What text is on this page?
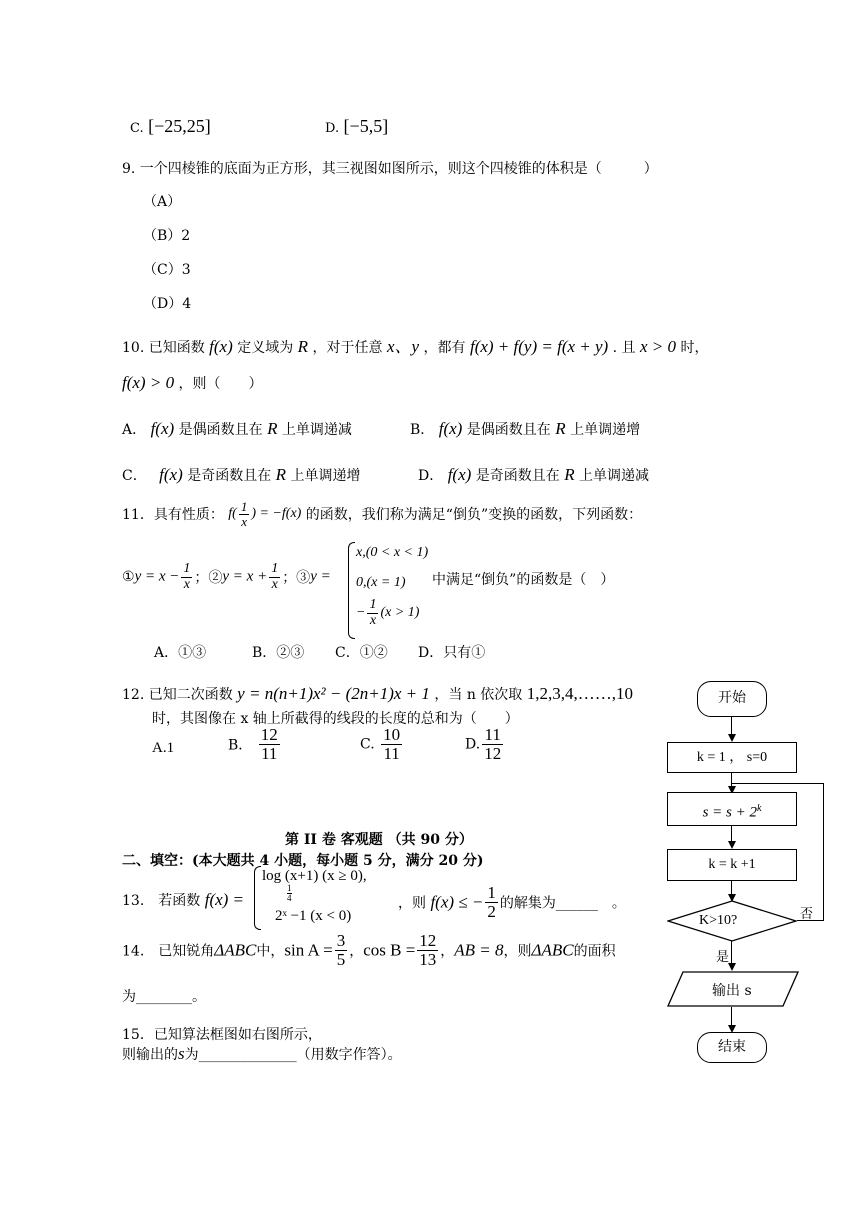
C. [−25,25]	D. [−5,5]
9. 一个四棱锥的底面为正方形，其三视图如图所示，则这个四棱锥的体积是（　　　）
（A）
（B）2
（C）3
（D）4
10. 已知函数 f(x) 定义域为 R ，对于任意 x、y ，都有 f(x) + f(y) = f(x + y) . 且 x > 0 时，
f(x) > 0 ，则（　　）
A． f(x) 是偶函数且在 R 上单调递减	B． f(x) 是偶函数且在 R 上单调递增
C． f(x) 是奇函数且在 R 上单调递增	D． f(x) 是奇函数且在 R 上单调递减
11．具有性质： $f( \frac{1}{x}$ ) = −f(x) 的函数，我们称为满足“倒负”变换的函数，下列函数：
①y = $x - \frac{1}{x}$ ；②y = $x + \frac{1}{x}$ ；③y =
x,(0 < x < 1)
0,(x = 1)
− $\frac{1}{x} (x > 1)$
中满足“倒负”的函数是（　）
A．①③	B．②③ C．①② D．只有①
12. 已知二次函数 y = n(n+1)x² − (2n+1)x + 1 ，当 n 依次取 1,2,3,4,……,10
时，其图像在 x 轴上所截得的线段的长度的总和为（　　）
A.1	B． $\frac{12}{11}$	C. $\frac{10}{11}$	D. $\frac{11}{12}$
第 II 卷 客观题 （共 90 分）
二、填空：(本大题共 4 小题，每小题 5 分，满分 20 分)
13.　若函数 f(x) =
log (x+1) (x ≥ 0),
$\frac{1}{4}$
2ˣ −1 (x < 0)
，则 f(x) ≤ − $\frac{1}{2}$ 的解集为______　。
14.　已知锐角ΔABC中，$\sin A = \frac{3}{5}$ ，$\cos B = \frac{12}{13}$ ，AB = 8，则ΔABC的面积
为________。
15．已知算法框图如右图所示，
则输出的s为______________（用数字作答）。
开始
k = 1 ， s=0
$s = s + 2^k$
k = k +1
K>10?	否
是
输出 s
结束
